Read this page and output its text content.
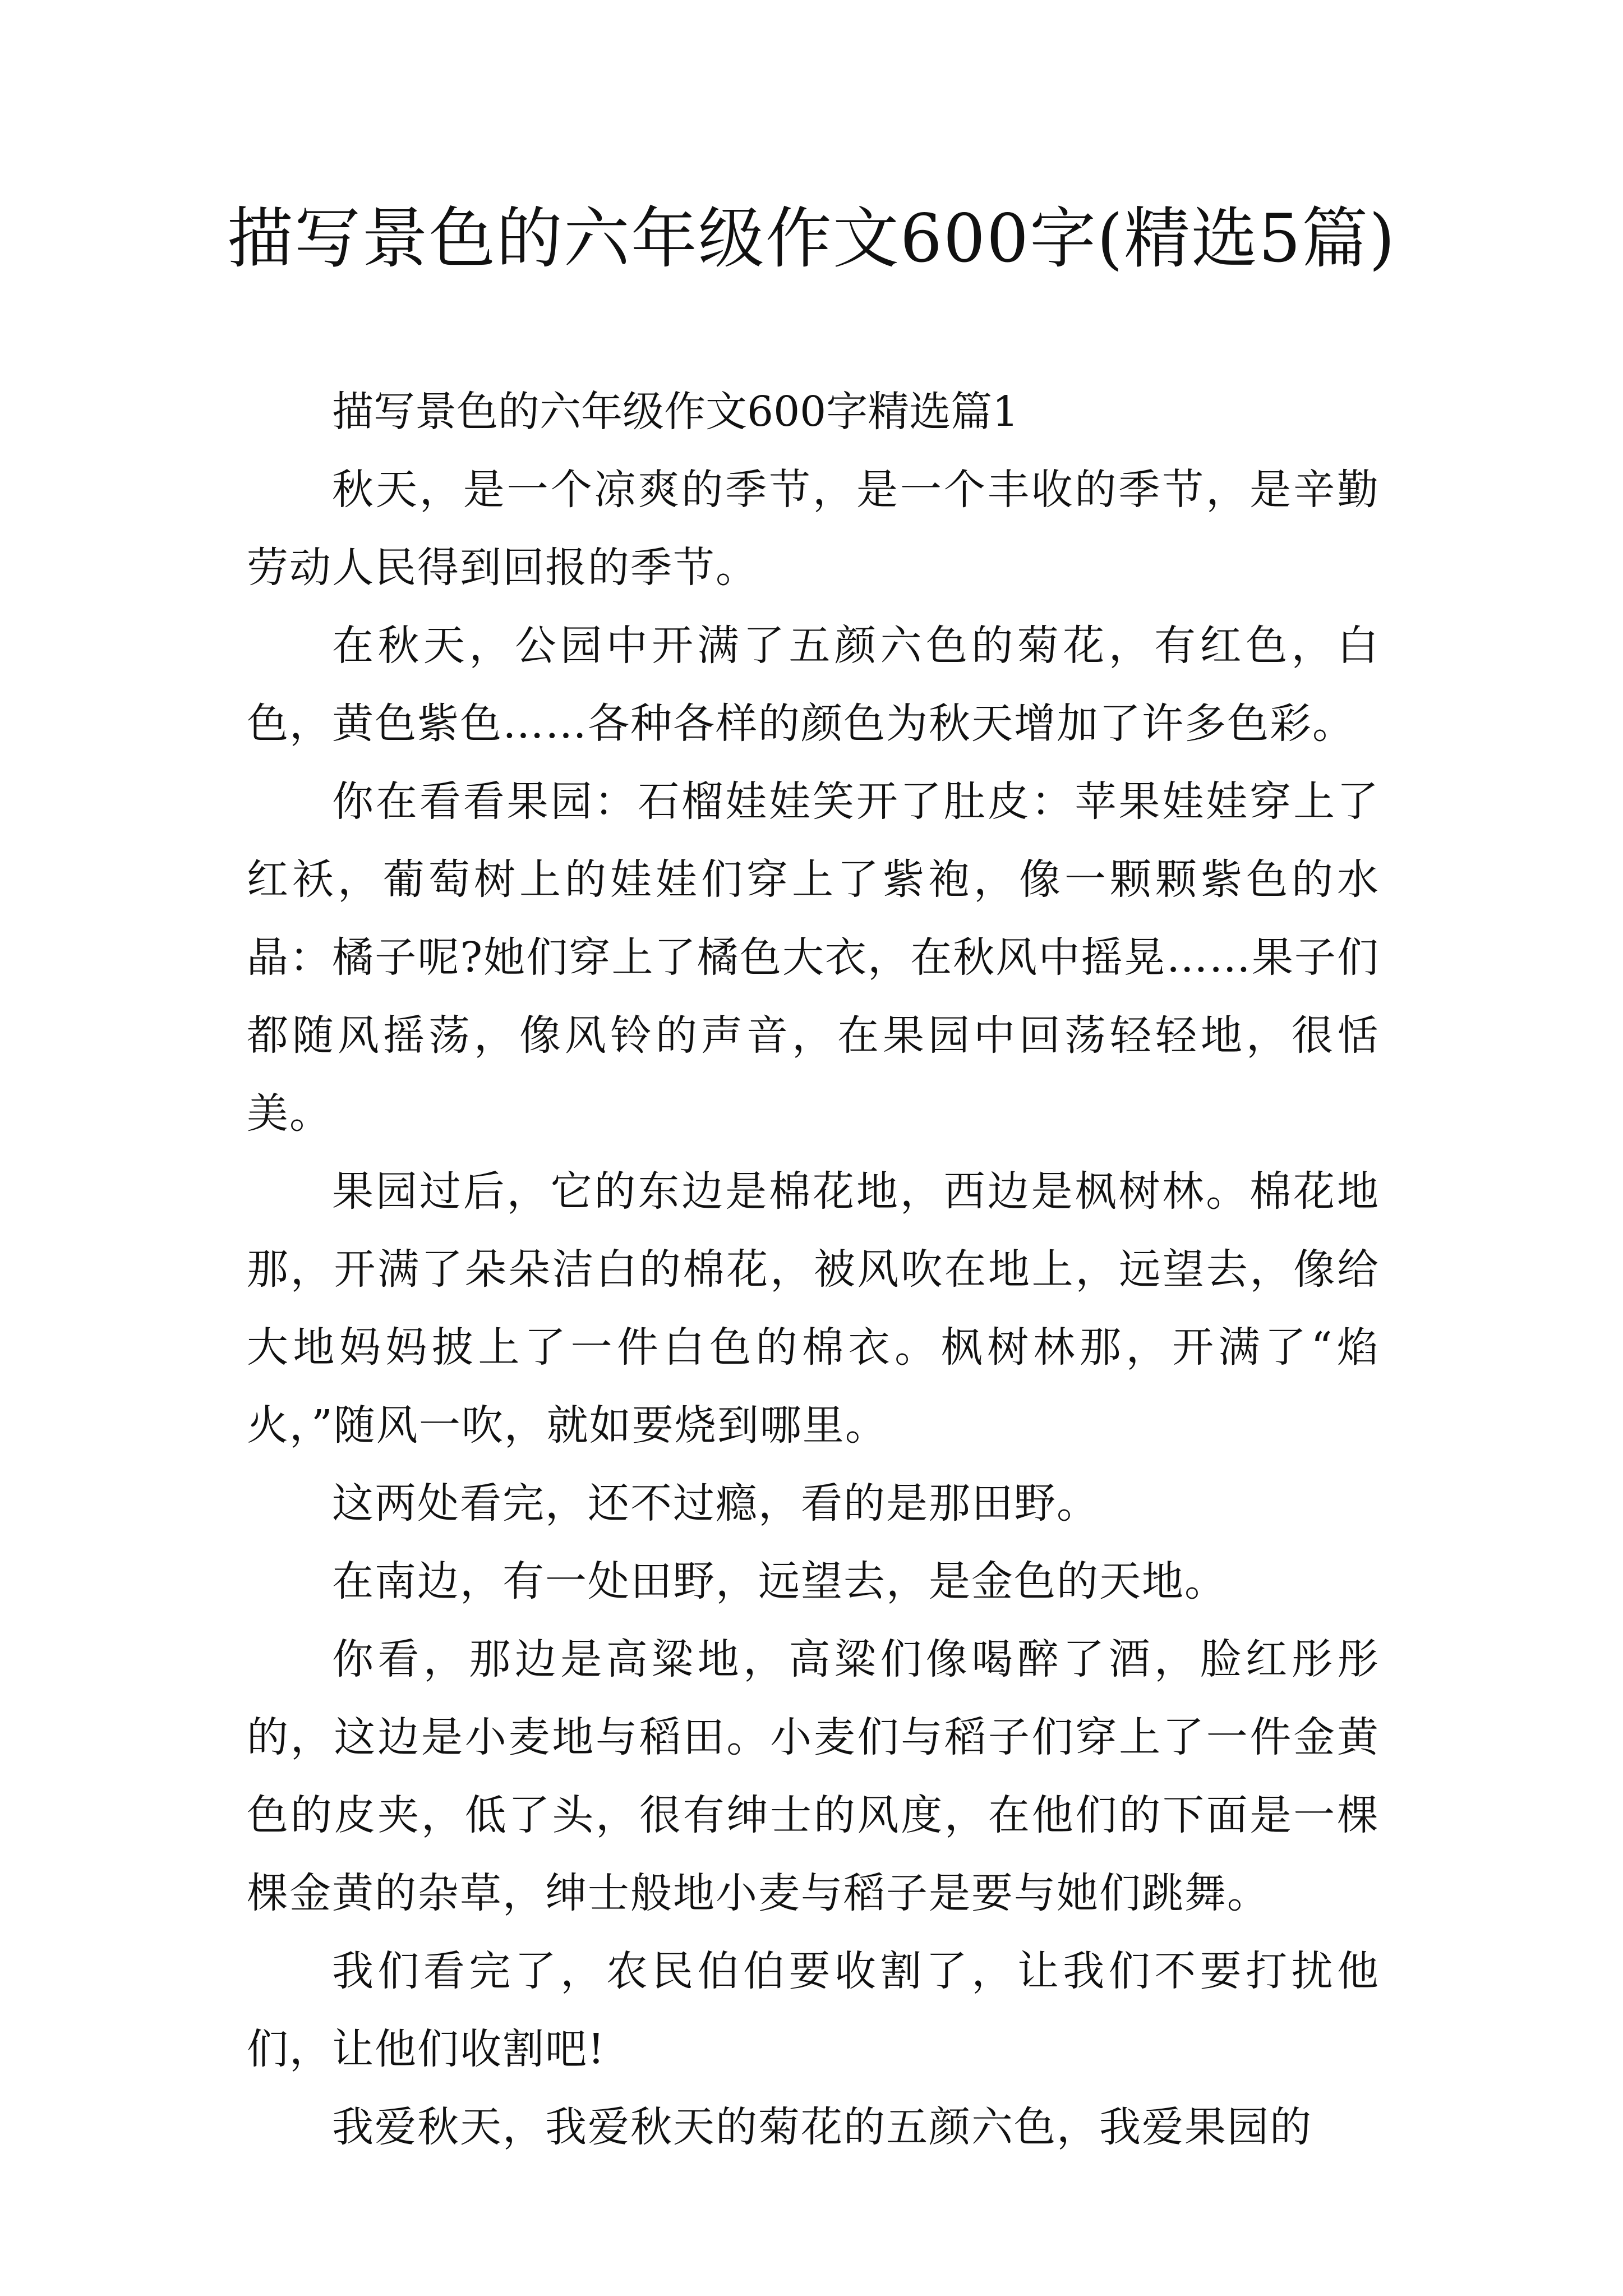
描写景色的六年级作文600字(精选5篇)

描写景色的六年级作文600字精选篇1

秋天，是一个凉爽的季节，是一个丰收的季节，是辛勤劳动人民得到回报的季节。

在秋天，公园中开满了五颜六色的菊花，有红色，白色，黄色紫色……各种各样的颜色为秋天增加了许多色彩。

你在看看果园：石榴娃娃笑开了肚皮：苹果娃娃穿上了红袄，葡萄树上的娃娃们穿上了紫袍，像一颗颗紫色的水晶：橘子呢?她们穿上了橘色大衣，在秋风中摇晃……果子们都随风摇荡，像风铃的声音，在果园中回荡轻轻地，很恬美。

果园过后，它的东边是棉花地，西边是枫树林。棉花地那，开满了朵朵洁白的棉花，被风吹在地上，远望去，像给大地妈妈披上了一件白色的棉衣。枫树林那，开满了“焰火，”随风一吹，就如要烧到哪里。

这两处看完，还不过瘾，看的是那田野。

在南边，有一处田野，远望去，是金色的天地。

你看，那边是高粱地，高粱们像喝醉了酒，脸红彤彤的，这边是小麦地与稻田。小麦们与稻子们穿上了一件金黄色的皮夹，低了头，很有绅士的风度，在他们的下面是一棵棵金黄的杂草，绅士般地小麦与稻子是要与她们跳舞。

我们看完了，农民伯伯要收割了，让我们不要打扰他们，让他们收割吧!

我爱秋天，我爱秋天的菊花的五颜六色，我爱果园的
